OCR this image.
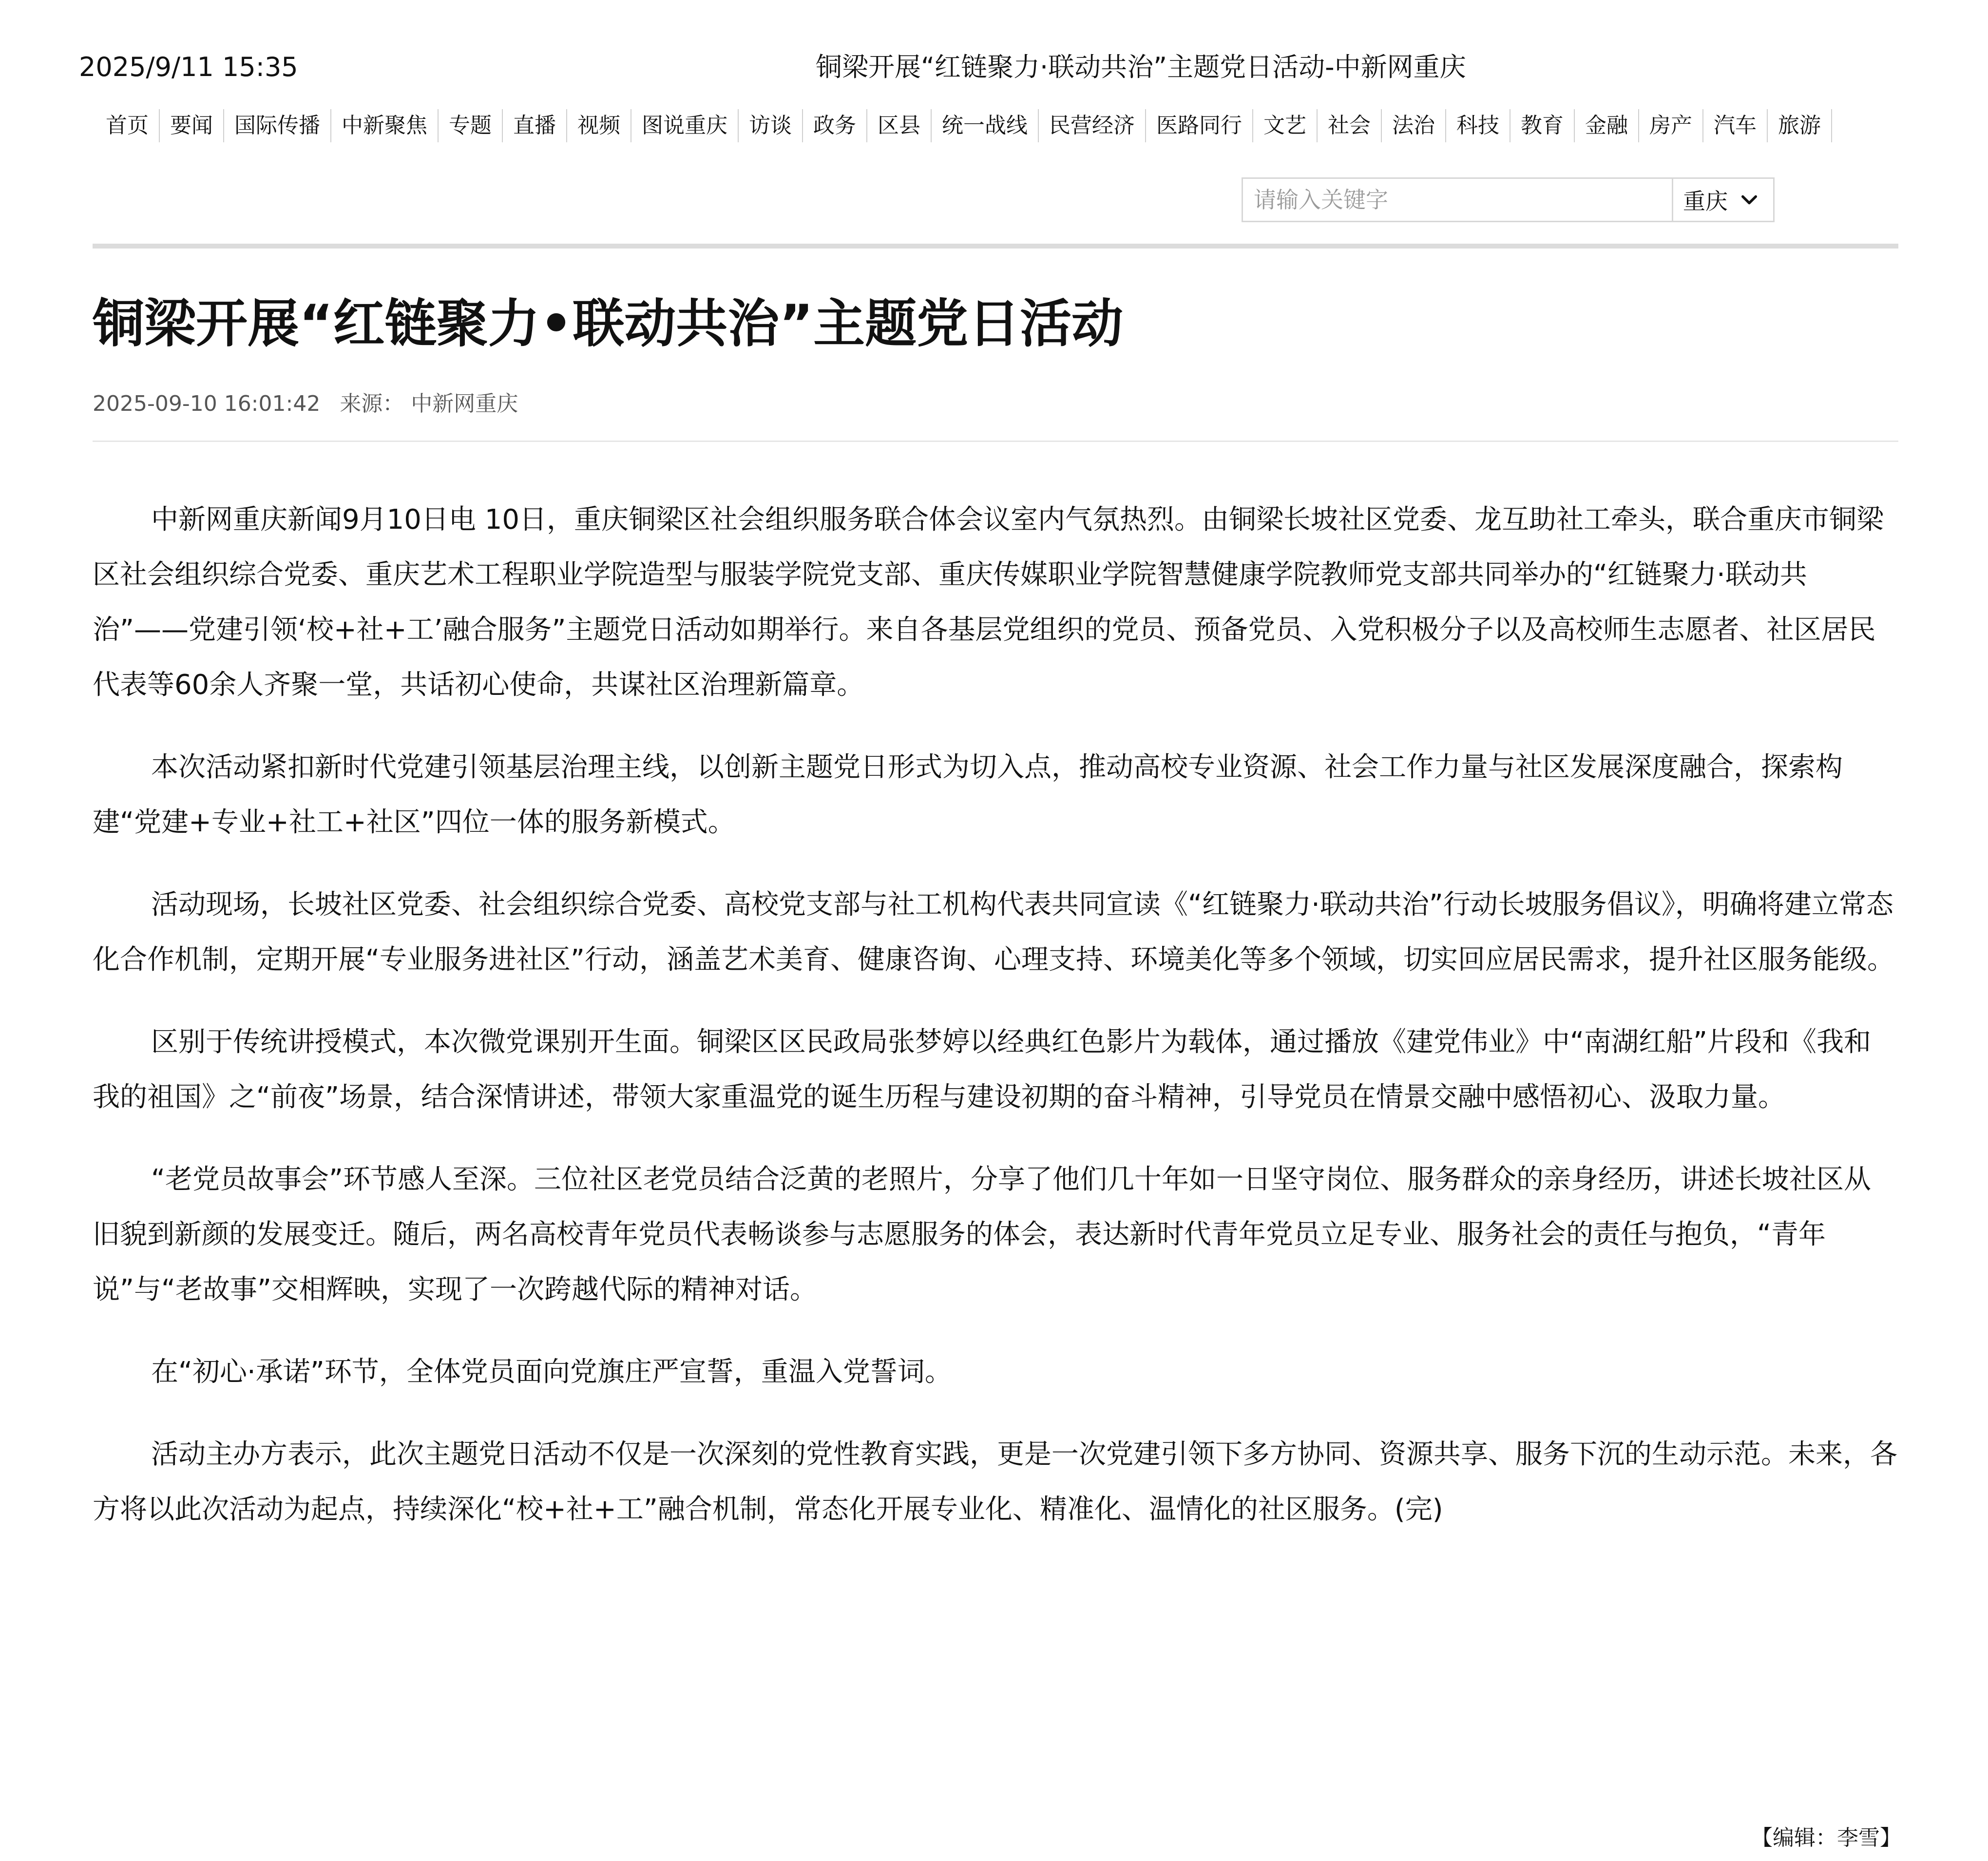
2025/9/11 15:35	铜梁开展“红链聚力·联动共治”主题党日活动-中新网重庆
首页	要闻	国际传播	中新聚焦	专题	直播	视频	图说重庆	访谈	政务	区县	统一战线	民营经济	医路同行	文艺	社会	法治	科技	教育	金融	房产	汽车	旅游
请输入关键字
重庆
铜梁开展“红链聚力•联动共治”主题党日活动
2025-09-10 16:01:42 来源： 中新网重庆

中新网重庆新闻9月10日电 10日，重庆铜梁区社会组织服务联合体会议室内气氛热烈。由铜梁长坡社区党委、龙互助社工牵头，联合重庆市铜梁区社会组织综合党委、重庆艺术工程职业学院造型与服装学院党支部、重庆传媒职业学院智慧健康学院教师党支部共同举办的“红链聚力·联动共治”——党建引领‘校+社+工’融合服务”主题党日活动如期举行。来自各基层党组织的党员、预备党员、入党积极分子以及高校师生志愿者、社区居民代表等60余人齐聚一堂，共话初心使命，共谋社区治理新篇章。

本次活动紧扣新时代党建引领基层治理主线，以创新主题党日形式为切入点，推动高校专业资源、社会工作力量与社区发展深度融合，探索构建“党建+专业+社工+社区”四位一体的服务新模式。

活动现场，长坡社区党委、社会组织综合党委、高校党支部与社工机构代表共同宣读《“红链聚力·联动共治”行动长坡服务倡议》，明确将建立常态化合作机制，定期开展“专业服务进社区”行动，涵盖艺术美育、健康咨询、心理支持、环境美化等多个领域，切实回应居民需求，提升社区服务能级。

区别于传统讲授模式，本次微党课别开生面。铜梁区区民政局张梦婷以经典红色影片为载体，通过播放《建党伟业》中“南湖红船”片段和《我和我的祖国》之“前夜”场景，结合深情讲述，带领大家重温党的诞生历程与建设初期的奋斗精神，引导党员在情景交融中感悟初心、汲取力量。

“老党员故事会”环节感人至深。三位社区老党员结合泛黄的老照片，分享了他们几十年如一日坚守岗位、服务群众的亲身经历，讲述长坡社区从旧貌到新颜的发展变迁。随后，两名高校青年党员代表畅谈参与志愿服务的体会，表达新时代青年党员立足专业、服务社会的责任与抱负，“青年说”与“老故事”交相辉映，实现了一次跨越代际的精神对话。

在“初心·承诺”环节，全体党员面向党旗庄严宣誓，重温入党誓词。

活动主办方表示，此次主题党日活动不仅是一次深刻的党性教育实践，更是一次党建引领下多方协同、资源共享、服务下沉的生动示范。未来，各方将以此次活动为起点，持续深化“校+社+工”融合机制，常态化开展专业化、精准化、温情化的社区服务。(完)

【编辑：李雪】
